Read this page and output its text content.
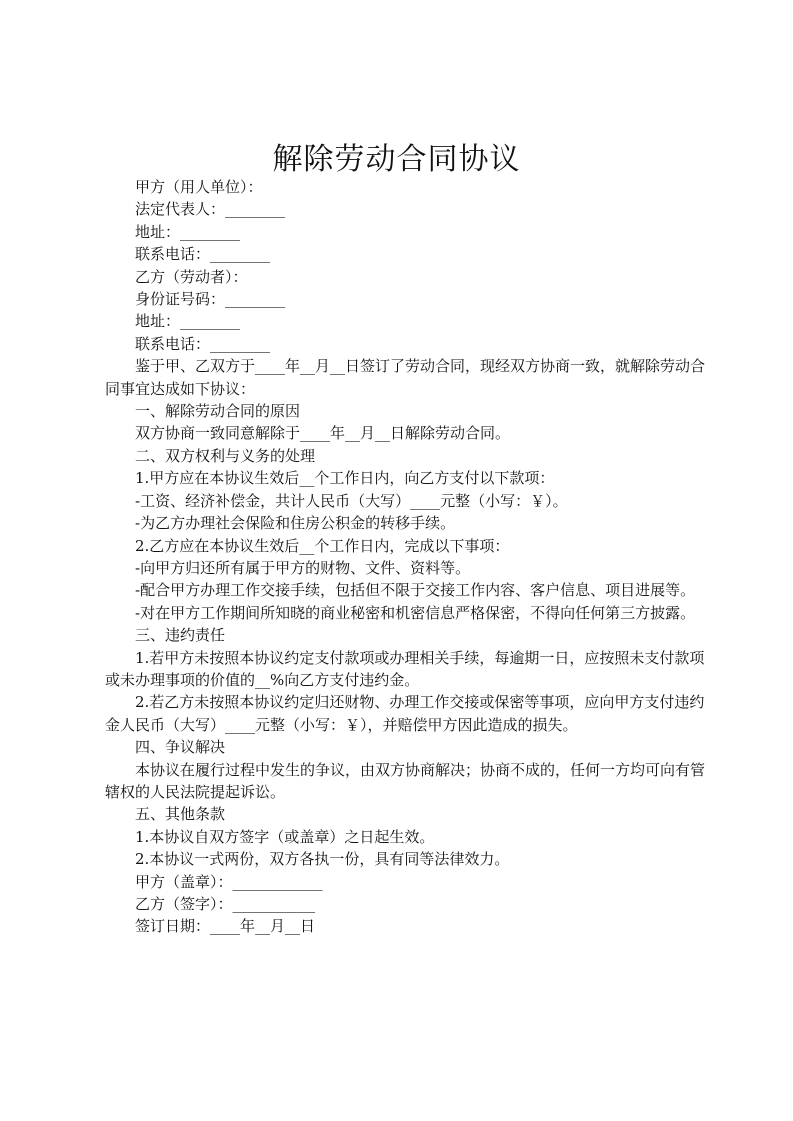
解除劳动合同协议

甲方（用人单位）：

法定代表人：________

地址：________

联系电话：________

乙方（劳动者）：

身份证号码：________

地址：________

联系电话：________

鉴于甲、乙双方于____年__月__日签订了劳动合同，现经双方协商一致，就解除劳动合同事宜达成如下协议：

一、解除劳动合同的原因

双方协商一致同意解除于____年__月__日解除劳动合同。

二、双方权利与义务的处理

1.甲方应在本协议生效后__个工作日内，向乙方支付以下款项：

-工资、经济补偿金，共计人民币（大写）____元整（小写：￥）。

-为乙方办理社会保险和住房公积金的转移手续。

2.乙方应在本协议生效后__个工作日内，完成以下事项：

-向甲方归还所有属于甲方的财物、文件、资料等。

-配合甲方办理工作交接手续，包括但不限于交接工作内容、客户信息、项目进展等。

-对在甲方工作期间所知晓的商业秘密和机密信息严格保密，不得向任何第三方披露。

三、违约责任

1.若甲方未按照本协议约定支付款项或办理相关手续，每逾期一日，应按照未支付款项或未办理事项的价值的__%向乙方支付违约金。

2.若乙方未按照本协议约定归还财物、办理工作交接或保密等事项，应向甲方支付违约金人民币（大写）____元整（小写：￥），并赔偿甲方因此造成的损失。

四、争议解决

本协议在履行过程中发生的争议，由双方协商解决；协商不成的，任何一方均可向有管辖权的人民法院提起诉讼。

五、其他条款

1.本协议自双方签字（或盖章）之日起生效。

2.本协议一式两份，双方各执一份，具有同等法律效力。

甲方（盖章）：____________

乙方（签字）：___________

签订日期：____年__月__日
